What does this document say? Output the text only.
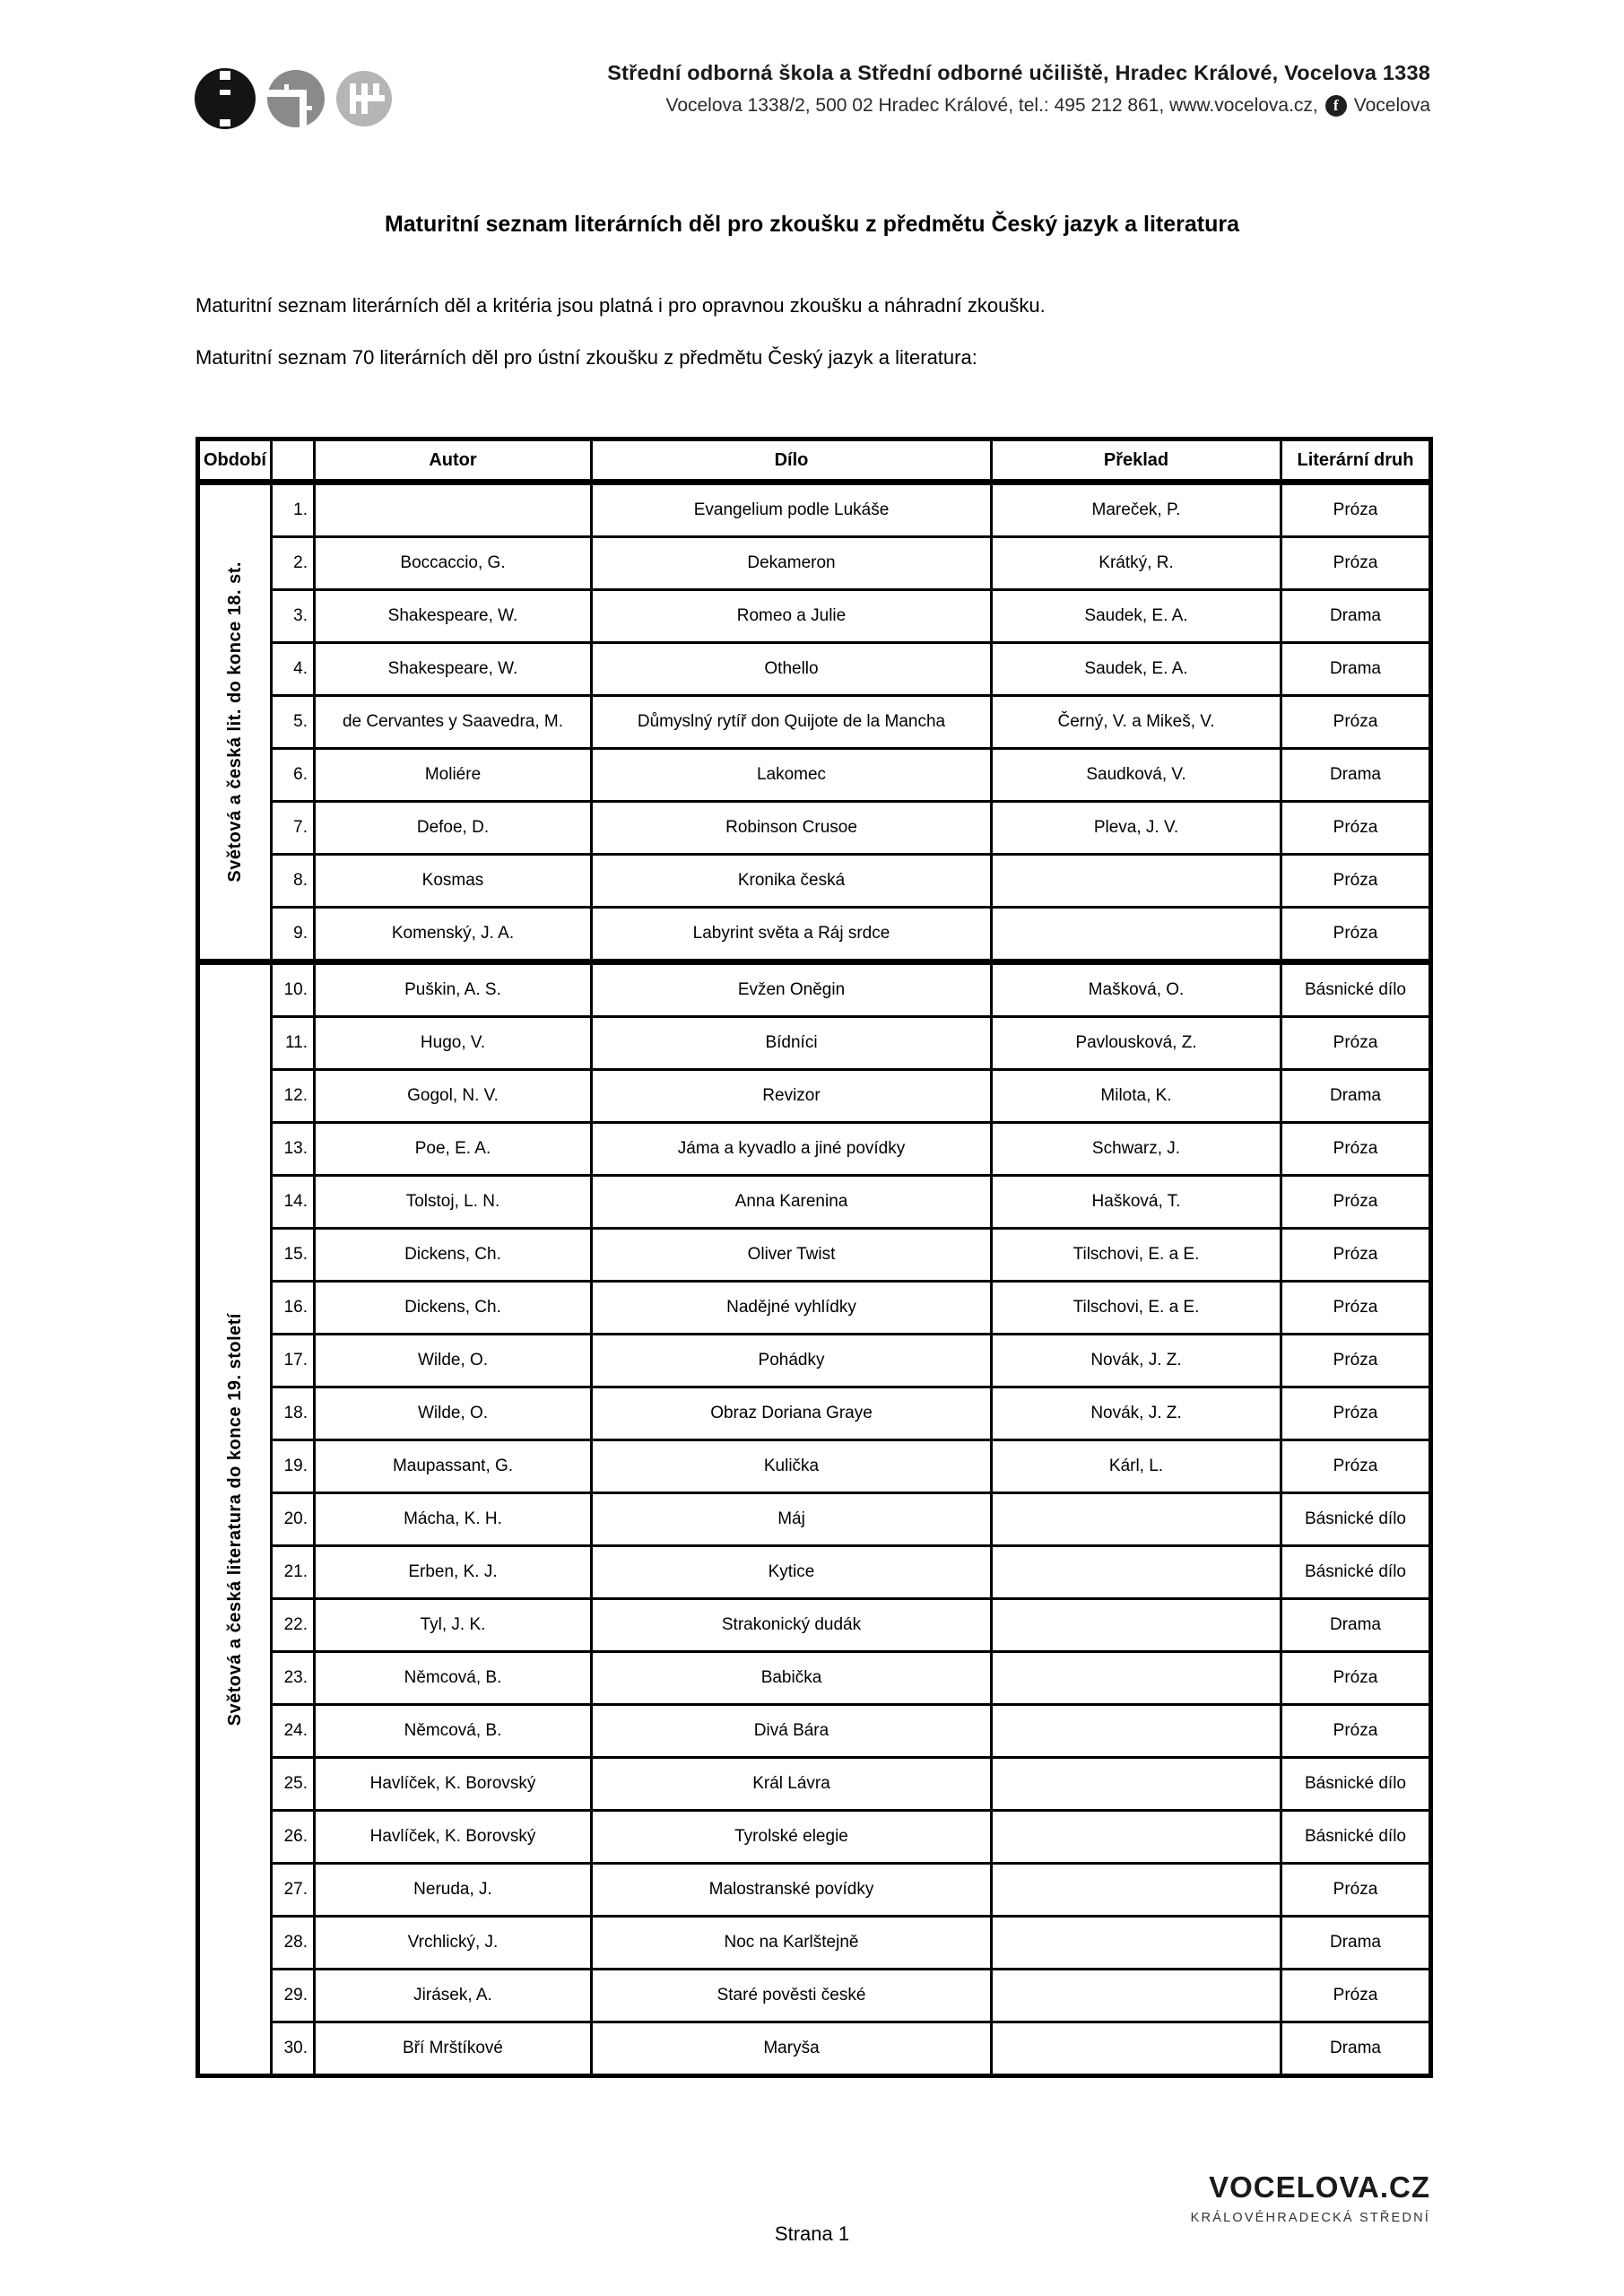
Střední odborná škola a Střední odborné učiliště, Hradec Králové, Vocelova 1338
Vocelova 1338/2, 500 02 Hradec Králové, tel.: 495 212 861, www.vocelova.cz,	f Vocelova
Maturitní seznam literárních děl pro zkoušku z předmětu Český jazyk a literatura
Maturitní seznam literárních děl a kritéria jsou platná i pro opravnou zkoušku a náhradní zkoušku.
Maturitní seznam 70 literárních děl pro ústní zkoušku z předmětu Český jazyk a literatura:
Období		Autor	Dílo	Překlad	Literární druh

Světová a česká lit. do konce 18. st.	1.		Evangelium podle Lukáše	Mareček, P.	Próza
	2.	Boccaccio, G.	Dekameron	Krátký, R.	Próza
	3.	Shakespeare, W.	Romeo a Julie	Saudek, E. A.	Drama
	4.	Shakespeare, W.	Othello	Saudek, E. A.	Drama
	5.	de Cervantes y Saavedra, M.	Důmyslný rytíř don Quijote de la Mancha	Černý, V. a Mikeš, V.	Próza
	6.	Moliére	Lakomec	Saudková, V.	Drama
	7.	Defoe, D.	Robinson Crusoe	Pleva, J. V.	Próza
	8.	Kosmas	Kronika česká		Próza
	9.	Komenský, J. A.	Labyrint světa a Ráj srdce		Próza

Světová a česká literatura do konce 19. století	10.	Puškin, A. S.	Evžen Oněgin	Mašková, O.	Básnické dílo
	11.	Hugo, V.	Bídníci	Pavlousková, Z.	Próza
	12.	Gogol, N. V.	Revizor	Milota, K.	Drama
	13.	Poe, E. A.	Jáma a kyvadlo a jiné povídky	Schwarz, J.	Próza
	14.	Tolstoj, L. N.	Anna Karenina	Hašková, T.	Próza
	15.	Dickens, Ch.	Oliver Twist	Tilschovi, E. a E.	Próza
	16.	Dickens, Ch.	Nadějné vyhlídky	Tilschovi, E. a E.	Próza
	17.	Wilde, O.	Pohádky	Novák, J. Z.	Próza
	18.	Wilde, O.	Obraz Doriana Graye	Novák, J. Z.	Próza
	19.	Maupassant, G.	Kulička	Kárl, L.	Próza
	20.	Mácha, K. H.	Máj		Básnické dílo
	21.	Erben, K. J.	Kytice		Básnické dílo
	22.	Tyl, J. K.	Strakonický dudák		Drama
	23.	Němcová, B.	Babička		Próza
	24.	Němcová, B.	Divá Bára		Próza
	25.	Havlíček, K. Borovský	Král Lávra		Básnické dílo
	26.	Havlíček, K. Borovský	Tyrolské elegie		Básnické dílo
	27.	Neruda, J.	Malostranské povídky		Próza
	28.	Vrchlický, J.	Noc na Karlštejně		Drama
	29.	Jirásek, A.	Staré pověsti české		Próza
	30.	Bří Mrštíkové	Maryša		Drama
Strana 1
VOCELOVA.CZ
KRÁLOVÉHRADECKÁ STŘEDNÍ
